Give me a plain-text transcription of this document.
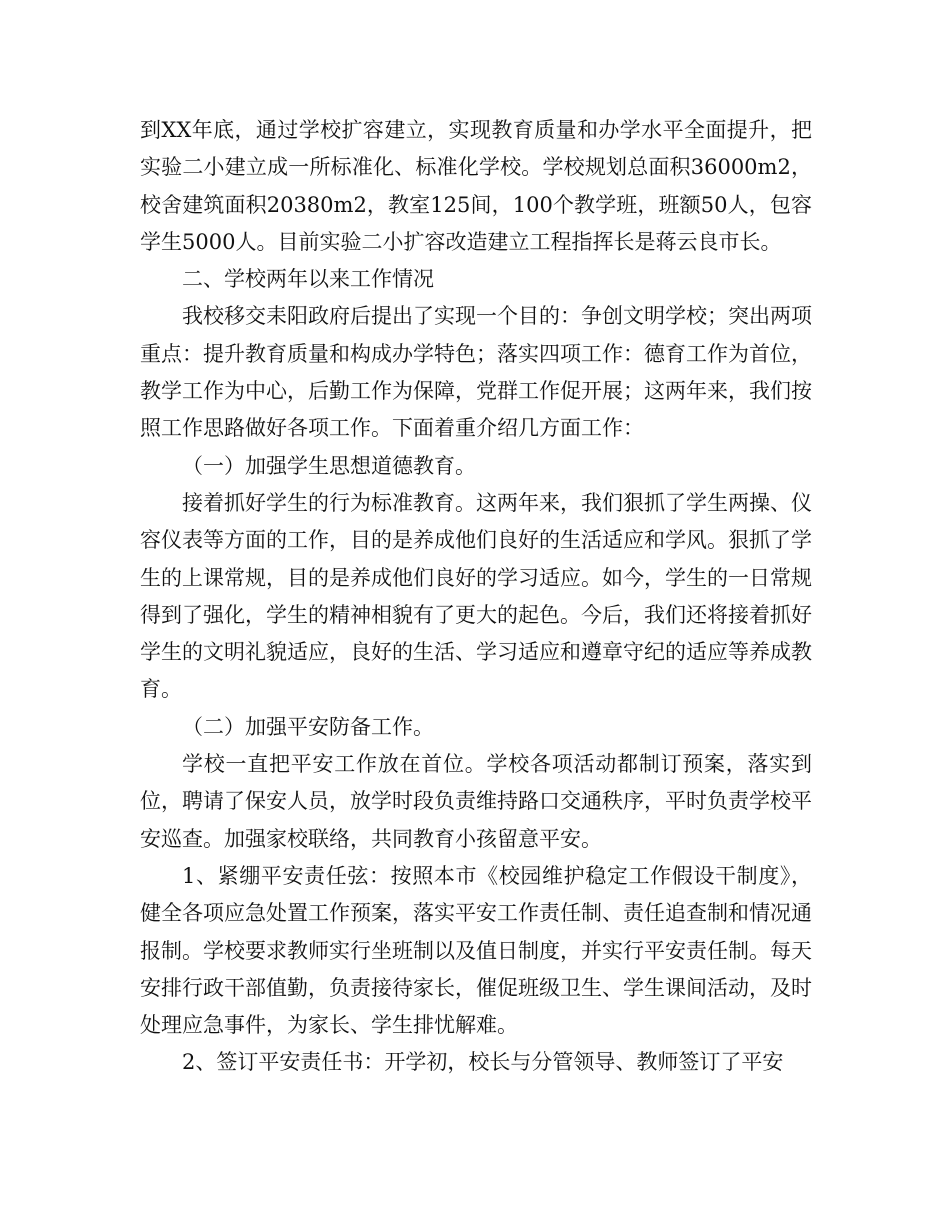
到XX年底，通过学校扩容建立，实现教育质量和办学水平全面提升，把实验二小建立成一所标准化、标准化学校。学校规划总面积36000m2，校舍建筑面积20380m2，教室125间，100个教学班，班额50人，包容学生5000人。目前实验二小扩容改造建立工程指挥长是蒋云良市长。

二、学校两年以来工作情况

我校移交耒阳政府后提出了实现一个目的：争创文明学校；突出两项重点：提升教育质量和构成办学特色；落实四项工作：德育工作为首位，教学工作为中心，后勤工作为保障，党群工作促开展；这两年来，我们按照工作思路做好各项工作。下面着重介绍几方面工作：

（一）加强学生思想道德教育。

接着抓好学生的行为标准教育。这两年来，我们狠抓了学生两操、仪容仪表等方面的工作，目的是养成他们良好的生活适应和学风。狠抓了学生的上课常规，目的是养成他们良好的学习适应。如今，学生的一日常规得到了强化，学生的精神相貌有了更大的起色。今后，我们还将接着抓好学生的文明礼貌适应，良好的生活、学习适应和遵章守纪的适应等养成教育。

（二）加强平安防备工作。

学校一直把平安工作放在首位。学校各项活动都制订预案，落实到位，聘请了保安人员，放学时段负责维持路口交通秩序，平时负责学校平安巡查。加强家校联络，共同教育小孩留意平安。

1、紧绷平安责任弦：按照本市《校园维护稳定工作假设干制度》，健全各项应急处置工作预案，落实平安工作责任制、责任追查制和情况通报制。学校要求教师实行坐班制以及值日制度，并实行平安责任制。每天安排行政干部值勤，负责接待家长，催促班级卫生、学生课间活动，及时处理应急事件，为家长、学生排忧解难。

2、签订平安责任书：开学初，校长与分管领导、教师签订了平安
